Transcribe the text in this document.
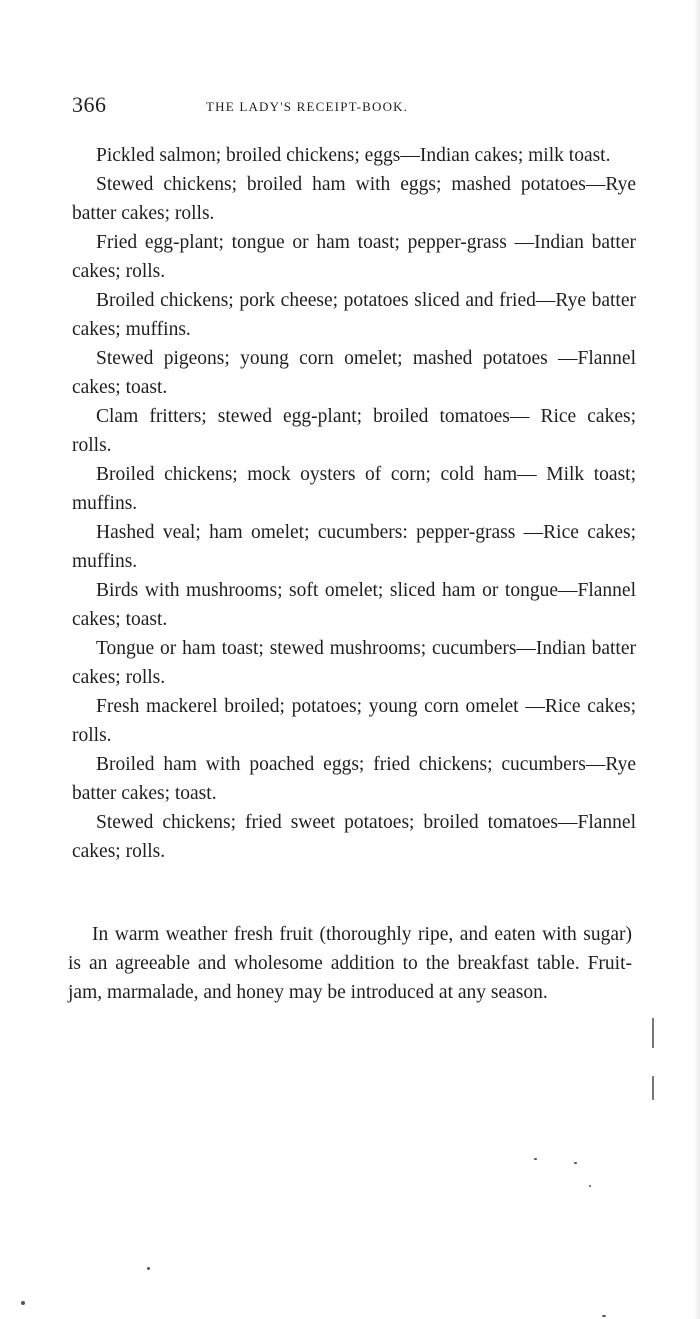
366	THE LADY'S RECEIPT-BOOK.

Pickled salmon; broiled chickens; eggs—Indian cakes; milk toast.

Stewed chickens; broiled ham with eggs; mashed potatoes—Rye batter cakes; rolls.

Fried egg-plant; tongue or ham toast; pepper-grass —Indian batter cakes; rolls.

Broiled chickens; pork cheese; potatoes sliced and fried—Rye batter cakes; muffins.

Stewed pigeons; young corn omelet; mashed potatoes —Flannel cakes; toast.

Clam fritters; stewed egg-plant; broiled tomatoes— Rice cakes; rolls.

Broiled chickens; mock oysters of corn; cold ham— Milk toast; muffins.

Hashed veal; ham omelet; cucumbers: pepper-grass —Rice cakes; muffins.

Birds with mushrooms; soft omelet; sliced ham or tongue—Flannel cakes; toast.

Tongue or ham toast; stewed mushrooms; cucumbers—Indian batter cakes; rolls.

Fresh mackerel broiled; potatoes; young corn omelet —Rice cakes; rolls.

Broiled ham with poached eggs; fried chickens; cucumbers—Rye batter cakes; toast.

Stewed chickens; fried sweet potatoes; broiled tomatoes—Flannel cakes; rolls.

In warm weather fresh fruit (thoroughly ripe, and eaten with sugar) is an agreeable and wholesome addition to the breakfast table. Fruit-jam, marmalade, and honey may be introduced at any season.
